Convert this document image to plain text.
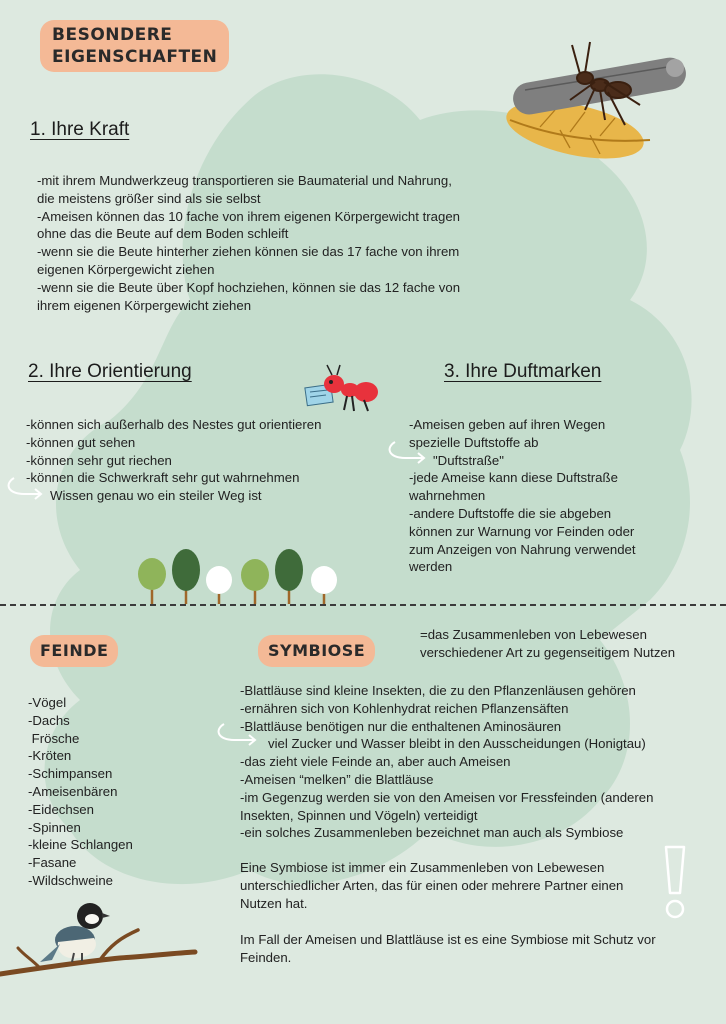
BESONDERE
EIGENSCHAFTEN
1. Ihre Kraft
-mit ihrem Mundwerkzeug transportieren sie Baumaterial und Nahrung,
die meistens größer sind als sie selbst
-Ameisen können das 10 fache von ihrem eigenen Körpergewicht tragen
ohne das die Beute auf dem Boden schleift
-wenn sie die Beute hinterher ziehen können sie das 17 fache von ihrem
eigenen Körpergewicht ziehen
-wenn sie die Beute über Kopf hochziehen, können sie das 12 fache von
ihrem eigenen Körpergewicht ziehen
2. Ihre Orientierung
-können sich außerhalb des Nestes gut orientieren
-können gut sehen
-können sehr gut riechen
-können die Schwerkraft sehr gut wahrnehmen
Wissen genau wo ein steiler Weg ist
3. Ihre Duftmarken
-Ameisen geben auf ihren Wegen
spezielle Duftstoffe ab
"Duftstraße"
-jede Ameise kann diese Duftstraße
wahrnehmen
-andere Duftstoffe die sie abgeben
können zur Warnung vor Feinden oder
zum Anzeigen von Nahrung verwendet
werden
FEINDE
-Vögel
-Dachs
Frösche
-Kröten
-Schimpansen
-Ameisenbären
-Eidechsen
-Spinnen
-kleine Schlangen
-Fasane
-Wildschweine
SYMBIOSE
=das Zusammenleben von Lebewesen
verschiedener Art zu gegenseitigem Nutzen
-Blattläuse sind kleine Insekten, die zu den Pflanzenläusen gehören
-ernähren sich von Kohlenhydrat reichen Pflanzensäften
-Blattläuse benötigen nur die enthaltenen Aminosäuren
viel Zucker und Wasser bleibt in den Ausscheidungen (Honigtau)
-das zieht viele Feinde an, aber auch Ameisen
-Ameisen “melken” die Blattläuse
-im Gegenzug werden sie von den Ameisen vor Fressfeinden (anderen
Insekten, Spinnen und Vögeln) verteidigt
-ein solches Zusammenleben bezeichnet man auch als Symbiose
Eine Symbiose ist immer ein Zusammenleben von Lebewesen
unterschiedlicher Arten, das für einen oder mehrere Partner einen
Nutzen hat.
Im Fall der Ameisen und Blattläuse ist es eine Symbiose mit Schutz vor
Feinden.
